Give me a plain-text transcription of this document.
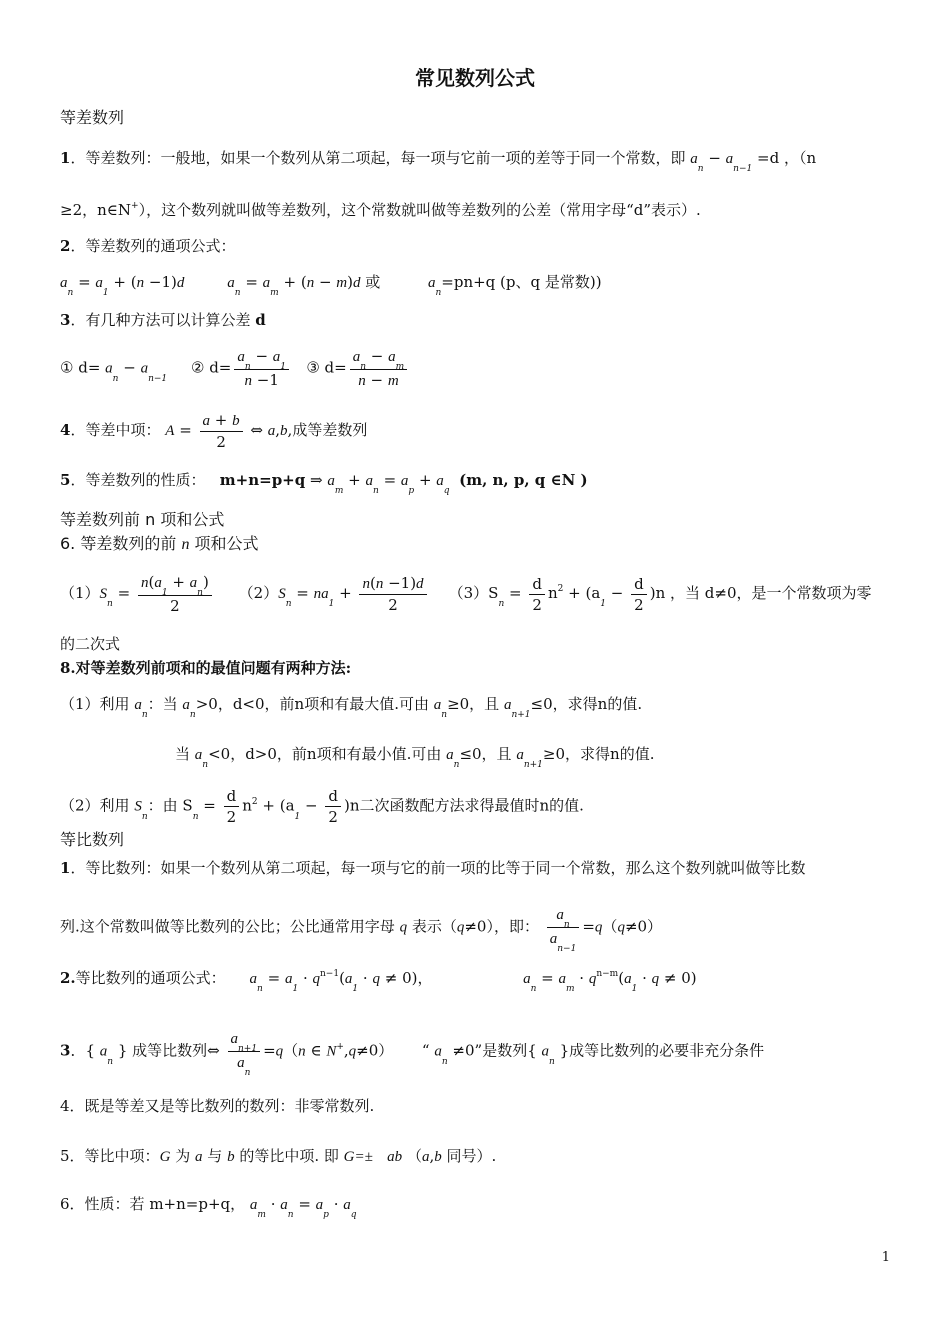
常见数列公式
等差数列
1．等差数列：一般地，如果一个数列从第二项起，每一项与它前一项的差等于同一个常数，即 $a_n - a_{n-1} =d$ ，（n
≥2，n∈N+），这个数列就叫做等差数列，这个常数就叫做等差数列的公差（常用字母“d”表示）.
2．等差数列的通项公式：
$a_n = a_1 + (n -1)d$	$a_n = a_m + (n - m)d$ 或	$a_n=pn+q$ (p、q 是常数))
3．有几种方法可以计算公差 d
① $d= a_n - a_{n-1}$     ② $d= \frac{a_n - a_1}{n -1}$ ③ $d= \frac{a_n - a_m}{n - m}$
4．等差中项： $A = \frac{a + b}{2}$ ⇔ a,b,成等差数列
5．等差数列的性质： m+n=p+q ⇒ $a_m + a_n = a_p + a_q$  (m, n, p, q ∈N )
等差数列前 n 项和公式
6. 等差数列的前 n 项和公式
$(1)S_n = \frac{n(a_1 + a_n)}{2} (2)S_n = na_1 + \frac{n(n -1)d}{2} (3)S_n = \frac{d}{2} n^2 + (a_1 - \frac{d}{2} )n$ ，当 d≠0，是一个常数项为零
的二次式
8.对等差数列前项和的最值问题有两种方法:
（1）利用 $a_n$：当 $a_n>0$，d<0，前n项和有最大值.可由 $a_n\ge 0$，且 $a_{n+1}\le 0$，求得n的值.
当 $a_n<0$，d>0，前n项和有最小值.可由 $a_n\le 0$，且 $a_{n+1}\ge 0$，求得n的值.
（2）利用 $S_n$：由 $S_n = \frac{d}{2} n^2 + (a_1 - \frac{d}{2} )n$二次函数配方法求得最值时n的值.
等比数列
1．等比数列：如果一个数列从第二项起，每一项与它的前一项的比等于同一个常数，那么这个数列就叫做等比数
列.这个常数叫做等比数列的公比；公比通常用字母 q 表示（q≠0），即： $\frac{a_n}{a_{n-1}} =q(q\ne 0)$
2.等比数列的通项公式： $a_n = a_1 \cdot q^{n-1}(a_1 \cdot q \ne 0)$，                   $a_n = a_m \cdot q^{n-m}(a_1 \cdot q \ne 0)$
3．{ $a_n$ } 成等比数列⇔ $\frac{a_{n+1}}{a_n} =q(n$ ∈ N+,q≠0）      “ $a_n \ne 0$”是数列{ $a_n$ }成等比数列的必要非充分条件
4．既是等差又是等比数列的数列：非零常数列.
5．等比中项：G 为 a 与 b 的等比中项. 即 G=± ab （a,b 同号）.
6．性质：若 m+n=p+q， $a_m \cdot a_n = a_p \cdot a_q$
1
